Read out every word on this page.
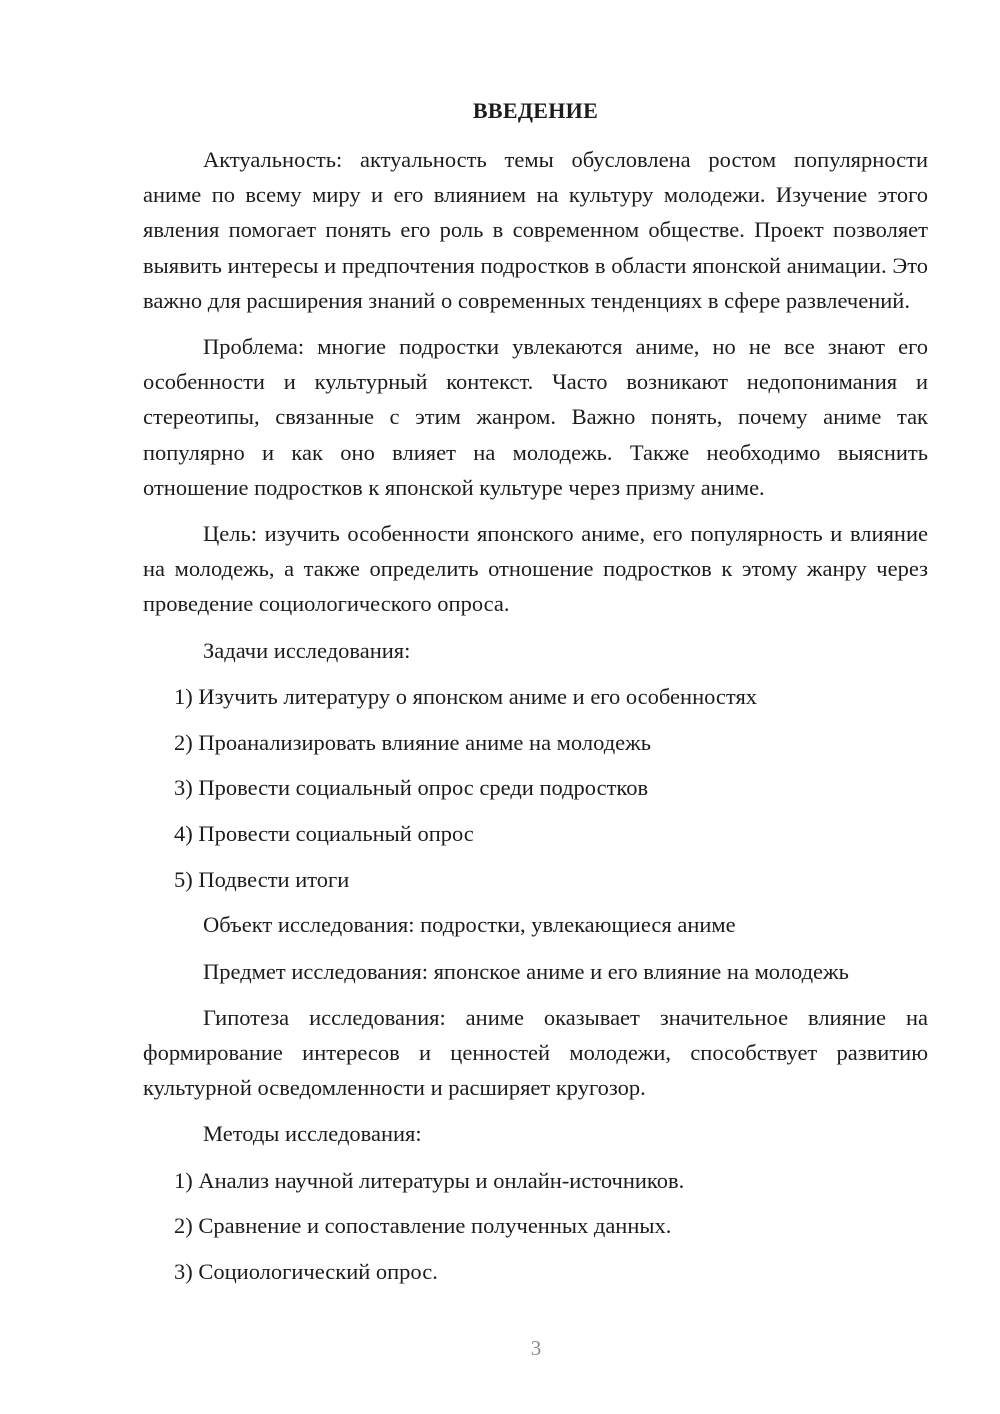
ВВЕДЕНИЕ

Актуальность: актуальность темы обусловлена ростом популярности аниме по всему миру и его влиянием на культуру молодежи. Изучение этого явления помогает понять его роль в современном обществе. Проект позволяет выявить интересы и предпочтения подростков в области японской анимации. Это важно для расширения знаний о современных тенденциях в сфере развлечений.

Проблема: многие подростки увлекаются аниме, но не все знают его особенности и культурный контекст. Часто возникают недопонимания и стереотипы, связанные с этим жанром. Важно понять, почему аниме так популярно и как оно влияет на молодежь. Также необходимо выяснить отношение подростков к японской культуре через призму аниме.

Цель: изучить особенности японского аниме, его популярность и влияние на молодежь, а также определить отношение подростков к этому жанру через проведение социологического опроса.

Задачи исследования:
1) Изучить литературу о японском аниме и его особенностях
2) Проанализировать влияние аниме на молодежь
3) Провести социальный опрос среди подростков
4) Провести социальный опрос
5) Подвести итоги
Объект исследования: подростки, увлекающиеся аниме
Предмет исследования: японское аниме и его влияние на молодежь

Гипотеза исследования: аниме оказывает значительное влияние на формирование интересов и ценностей молодежи, способствует развитию культурной осведомленности и расширяет кругозор.

Методы исследования:
1) Анализ научной литературы и онлайн-источников.
2) Сравнение и сопоставление полученных данных.
3) Социологический опрос.
3
